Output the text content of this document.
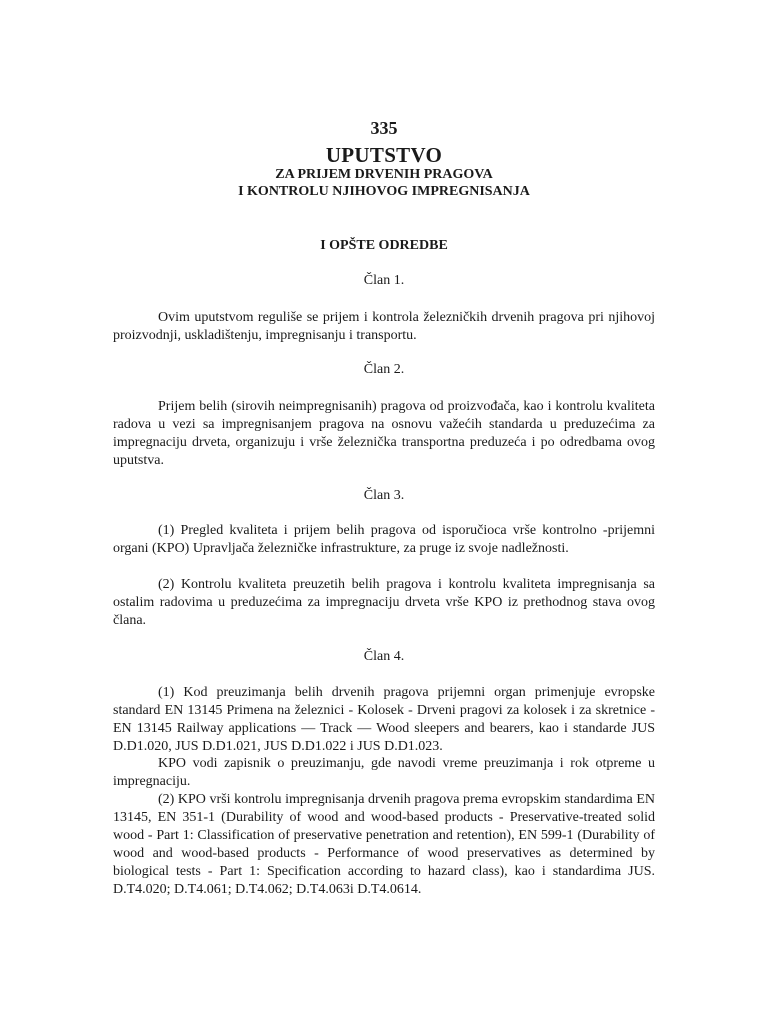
335
UPUTSTVO
ZA PRIJEM DRVENIH PRAGOVA
I KONTROLU NJIHOVOG IMPREGNISANJA
I OPŠTE ODREDBE
Član 1.
Ovim uputstvom reguliše se prijem i kontrola železničkih drvenih pragova pri njihovoj proizvodnji, uskladištenju, impregnisanju i transportu.
Član 2.
Prijem belih (sirovih neimpregnisanih) pragova od proizvođača, kao i kontrolu kvaliteta radova u vezi sa impregnisanjem pragova na osnovu važećih standarda u preduzećima za impregnaciju drveta, organizuju i vrše železnička transportna preduzeća i po odredbama ovog uputstva.
Član 3.
(1) Pregled kvaliteta i prijem belih pragova od isporučioca vrše kontrolno -prijemni organi (KPO) Upravljača železničke infrastrukture, za pruge iz svoje nadležnosti.
(2) Kontrolu kvaliteta preuzetih belih pragova i kontrolu kvaliteta impregnisanja sa ostalim radovima u preduzećima za impregnaciju drveta vrše KPO iz prethodnog stava ovog člana.
Član 4.
(1) Kod preuzimanja belih drvenih pragova prijemni organ primenjuje evropske standard EN 13145 Primena na železnici - Kolosek - Drveni pragovi za kolosek i za skretnice -EN 13145 Railway applications — Track — Wood sleepers and bearers, kao i standarde JUS D.D1.020, JUS D.D1.021, JUS D.D1.022 i JUS D.D1.023.
KPO vodi zapisnik o preuzimanju, gde navodi vreme preuzimanja i rok otpreme u impregnaciju.
(2) KPO vrši kontrolu impregnisanja drvenih pragova prema evropskim standardima EN 13145, EN 351-1 (Durability of wood and wood-based products - Preservative-treated solid wood - Part 1: Classification of preservative penetration and retention), EN 599-1 (Durability of wood and wood-based products - Performance of wood preservatives as determined by biological tests - Part 1: Specification according to hazard class), kao i standardima JUS. D.T4.020; D.T4.061; D.T4.062; D.T4.063i D.T4.0614.
